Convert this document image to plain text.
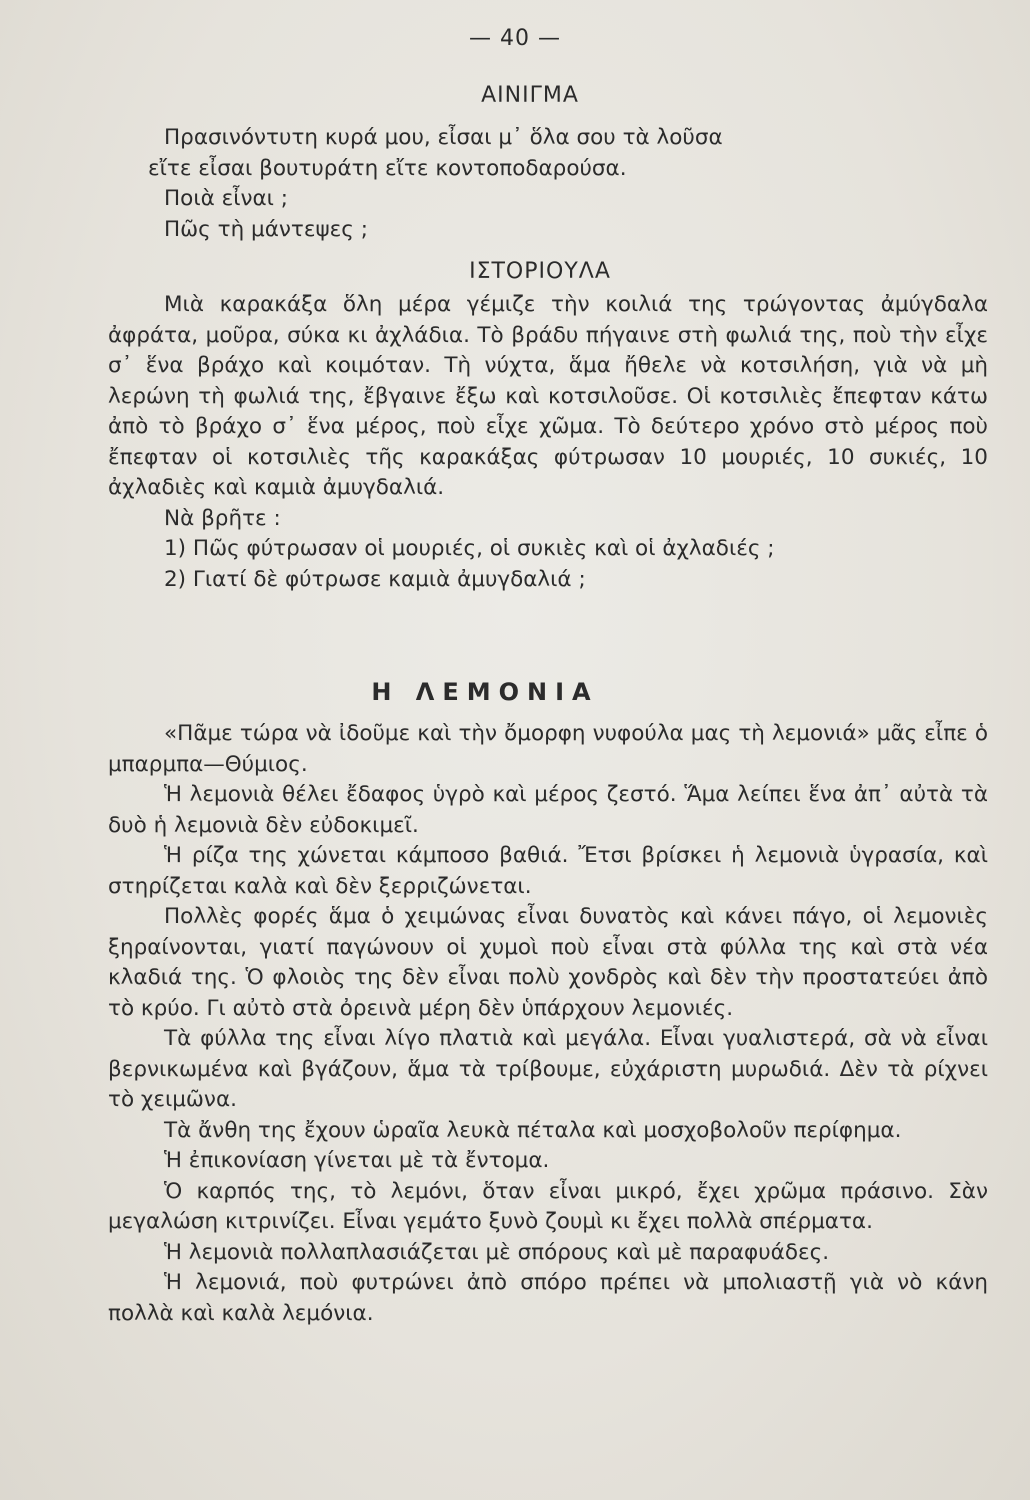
— 40 —
ΑΙΝΙΓΜΑ

Πρασινόντυτη κυρά μου, εἶσαι μ᾽ ὅλα σου τὰ λοῦσα

εἴτε εἶσαι βουτυράτη εἴτε κοντοποδαρούσα.

Ποιὰ εἶναι ;

Πῶς τὴ μάντεψες ;

ΙΣΤΟΡΙΟΥΛΑ

Μιὰ καρακάξα ὅλη μέρα γέμιζε τὴν κοιλιά της τρώγοντας ἀμύγδαλα ἀφράτα, μοῦρα, σύκα κι ἀχλάδια. Τὸ βράδυ πήγαινε στὴ φωλιά της, ποὺ τὴν εἶχε σ᾽ ἕνα βράχο καὶ κοιμόταν. Τὴ νύχτα, ἅμα ἤθελε νὰ κοτσιλήση, γιὰ νὰ μὴ λερώνη τὴ φωλιά της, ἔβγαινε ἔξω καὶ κοτσιλοῦσε. Οἱ κοτσιλιὲς ἔπεφταν κάτω ἀπὸ τὸ βράχο σ᾽ ἕνα μέρος, ποὺ εἶχε χῶμα. Τὸ δεύτερο χρόνο στὸ μέρος ποὺ ἔπεφταν οἱ κοτσιλιὲς τῆς καρακάξας φύτρωσαν 10 μουριές, 10 συκιές, 10 ἀχλαδιὲς καὶ καμιὰ ἀμυγδαλιά.

Νὰ βρῆτε :

1) Πῶς φύτρωσαν οἱ μουριές, οἱ συκιὲς καὶ οἱ ἀχλαδιές ;

2) Γιατί δὲ φύτρωσε καμιὰ ἀμυγδαλιά ;

Η ΛΕΜΟΝΙΑ

«Πᾶμε τώρα νὰ ἰδοῦμε καὶ τὴν ὄμορφη νυφούλα μας τὴ λεμονιά» μᾶς εἶπε ὁ μπαρμπα—Θύμιος.

Ἡ λεμονιὰ θέλει ἔδαφος ὑγρὸ καὶ μέρος ζεστό. Ἅμα λείπει ἕνα ἀπ᾽ αὐτὰ τὰ δυὸ ἡ λεμονιὰ δὲν εὐδοκιμεῖ.

Ἡ ρίζα της χώνεται κάμποσο βαθιά. Ἔτσι βρίσκει ἡ λεμονιὰ ὑγρασία, καὶ στηρίζεται καλὰ καὶ δὲν ξερριζώνεται.

Πολλὲς φορές ἅμα ὁ χειμώνας εἶναι δυνατὸς καὶ κάνει πάγο, οἱ λεμονιὲς ξηραίνονται, γιατί παγώνουν οἱ χυμοὶ ποὺ εἶναι στὰ φύλλα της καὶ στὰ νέα κλαδιά της. Ὁ φλοιὸς της δὲν εἶναι πολὺ χονδρὸς καὶ δὲν τὴν προστατεύει ἀπὸ τὸ κρύο. Γι αὐτὸ στὰ ὀρεινὰ μέρη δὲν ὑπάρχουν λεμονιές.

Τὰ φύλλα της εἶναι λίγο πλατιὰ καὶ μεγάλα. Εἶναι γυαλιστερά, σὰ νὰ εἶναι βερνικωμένα καὶ βγάζουν, ἅμα τὰ τρίβουμε, εὐχάριστη μυρωδιά. Δὲν τὰ ρίχνει τὸ χειμῶνα.

Τὰ ἄνθη της ἔχουν ὡραῖα λευκὰ πέταλα καὶ μοσχοβολοῦν περίφημα.

Ἡ ἐπικονίαση γίνεται μὲ τὰ ἔντομα.

Ὁ καρπός της, τὸ λεμόνι, ὅταν εἶναι μικρό, ἔχει χρῶμα πράσινο. Σὰν μεγαλώση κιτρινίζει. Εἶναι γεμάτο ξυνὸ ζουμὶ κι ἔχει πολλὰ σπέρματα.

Ἡ λεμονιὰ πολλαπλασιάζεται μὲ σπόρους καὶ μὲ παραφυάδες.

Ἡ λεμονιά, ποὺ φυτρώνει ἀπὸ σπόρο πρέπει νὰ μπολιαστῇ γιὰ νὸ κάνη πολλὰ καὶ καλὰ λεμόνια.
